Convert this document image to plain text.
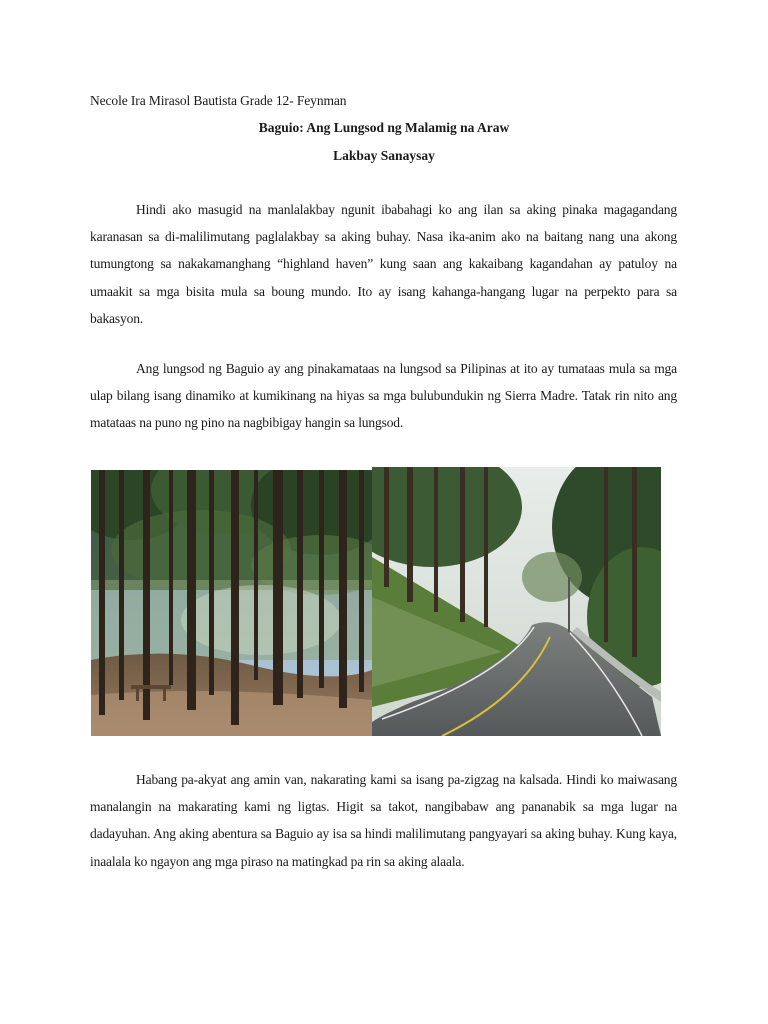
Necole Ira Mirasol Bautista Grade 12- Feynman
Baguio: Ang Lungsod ng Malamig na Araw
Lakbay Sanaysay

Hindi ako masugid na manlalakbay ngunit ibabahagi ko ang ilan sa aking pinaka magagandang karanasan sa di-malilimutang paglalakbay sa aking buhay. Nasa ika-anim ako na baitang nang una akong tumungtong sa nakakamanghang “highland haven” kung saan ang kakaibang kagandahan ay patuloy na umaakit sa mga bisita mula sa boung mundo. Ito ay isang kahanga-hangang lugar na perpekto para sa bakasyon.

Ang lungsod ng Baguio ay ang pinakamataas na lungsod sa Pilipinas at ito ay tumataas mula sa mga ulap bilang isang dinamiko at kumikinang na hiyas sa mga bulubundukin ng Sierra Madre. Tatak rin nito ang matataas na puno ng pino na nagbibigay hangin sa lungsod.

Habang pa-akyat ang amin van, nakarating kami sa isang pa-zigzag na kalsada. Hindi ko maiwasang manalangin na makarating kami ng ligtas. Higit sa takot, nangibabaw ang pananabik sa mga lugar na dadayuhan. Ang aking abentura sa Baguio ay isa sa hindi malilimutang pangyayari sa aking buhay. Kung kaya, inaalala ko ngayon ang mga piraso na matingkad pa rin sa aking alaala.
